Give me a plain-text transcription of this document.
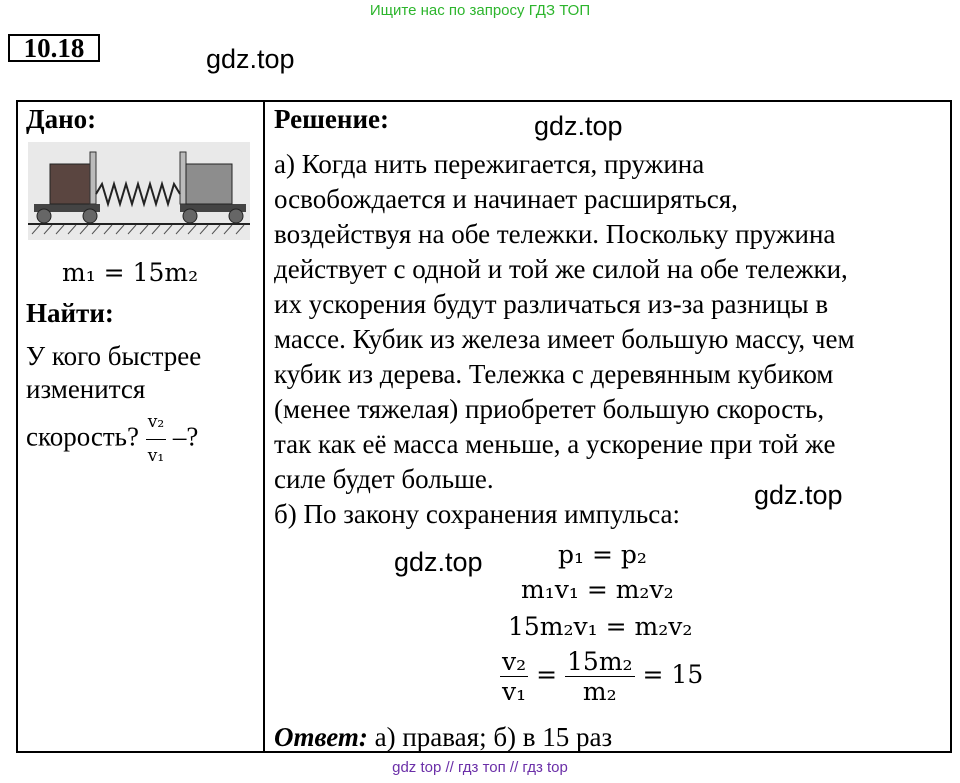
Ищите нас по запросу ГДЗ ТОП
10.18	gdz.top
Дано:
m₁ = 15m₂
Найти:
У кого быстрее
изменится
скорость? $\frac{\text{v₂}}{\text{v₁}}$ –?
Решение:	gdz.top
а) Когда нить пережигается, пружина
освобождается и начинает расширяться,
воздействуя на обе тележки. Поскольку пружина
действует с одной и той же силой на обе тележки,
их ускорения будут различаться из-за разницы в
массе. Кубик из железа имеет большую массу, чем
кубик из дерева. Тележка с деревянным кубиком
(менее тяжелая) приобретет большую скорость,
так как её масса меньше, а ускорение при той же
силе будет больше.
б) По закону сохранения импульса:
gdz.top
gdz.top	p₁ = p₂
m₁v₁ = m₂v₂
15m₂v₁ = m₂v₂
$\frac{\text{v₂}}{\text{v₁}} = \frac{\text{15m₂}}{\text{m₂}} = 15$
Ответ: а) правая; б) в 15 раз
gdz top // гдз топ // гдз top
